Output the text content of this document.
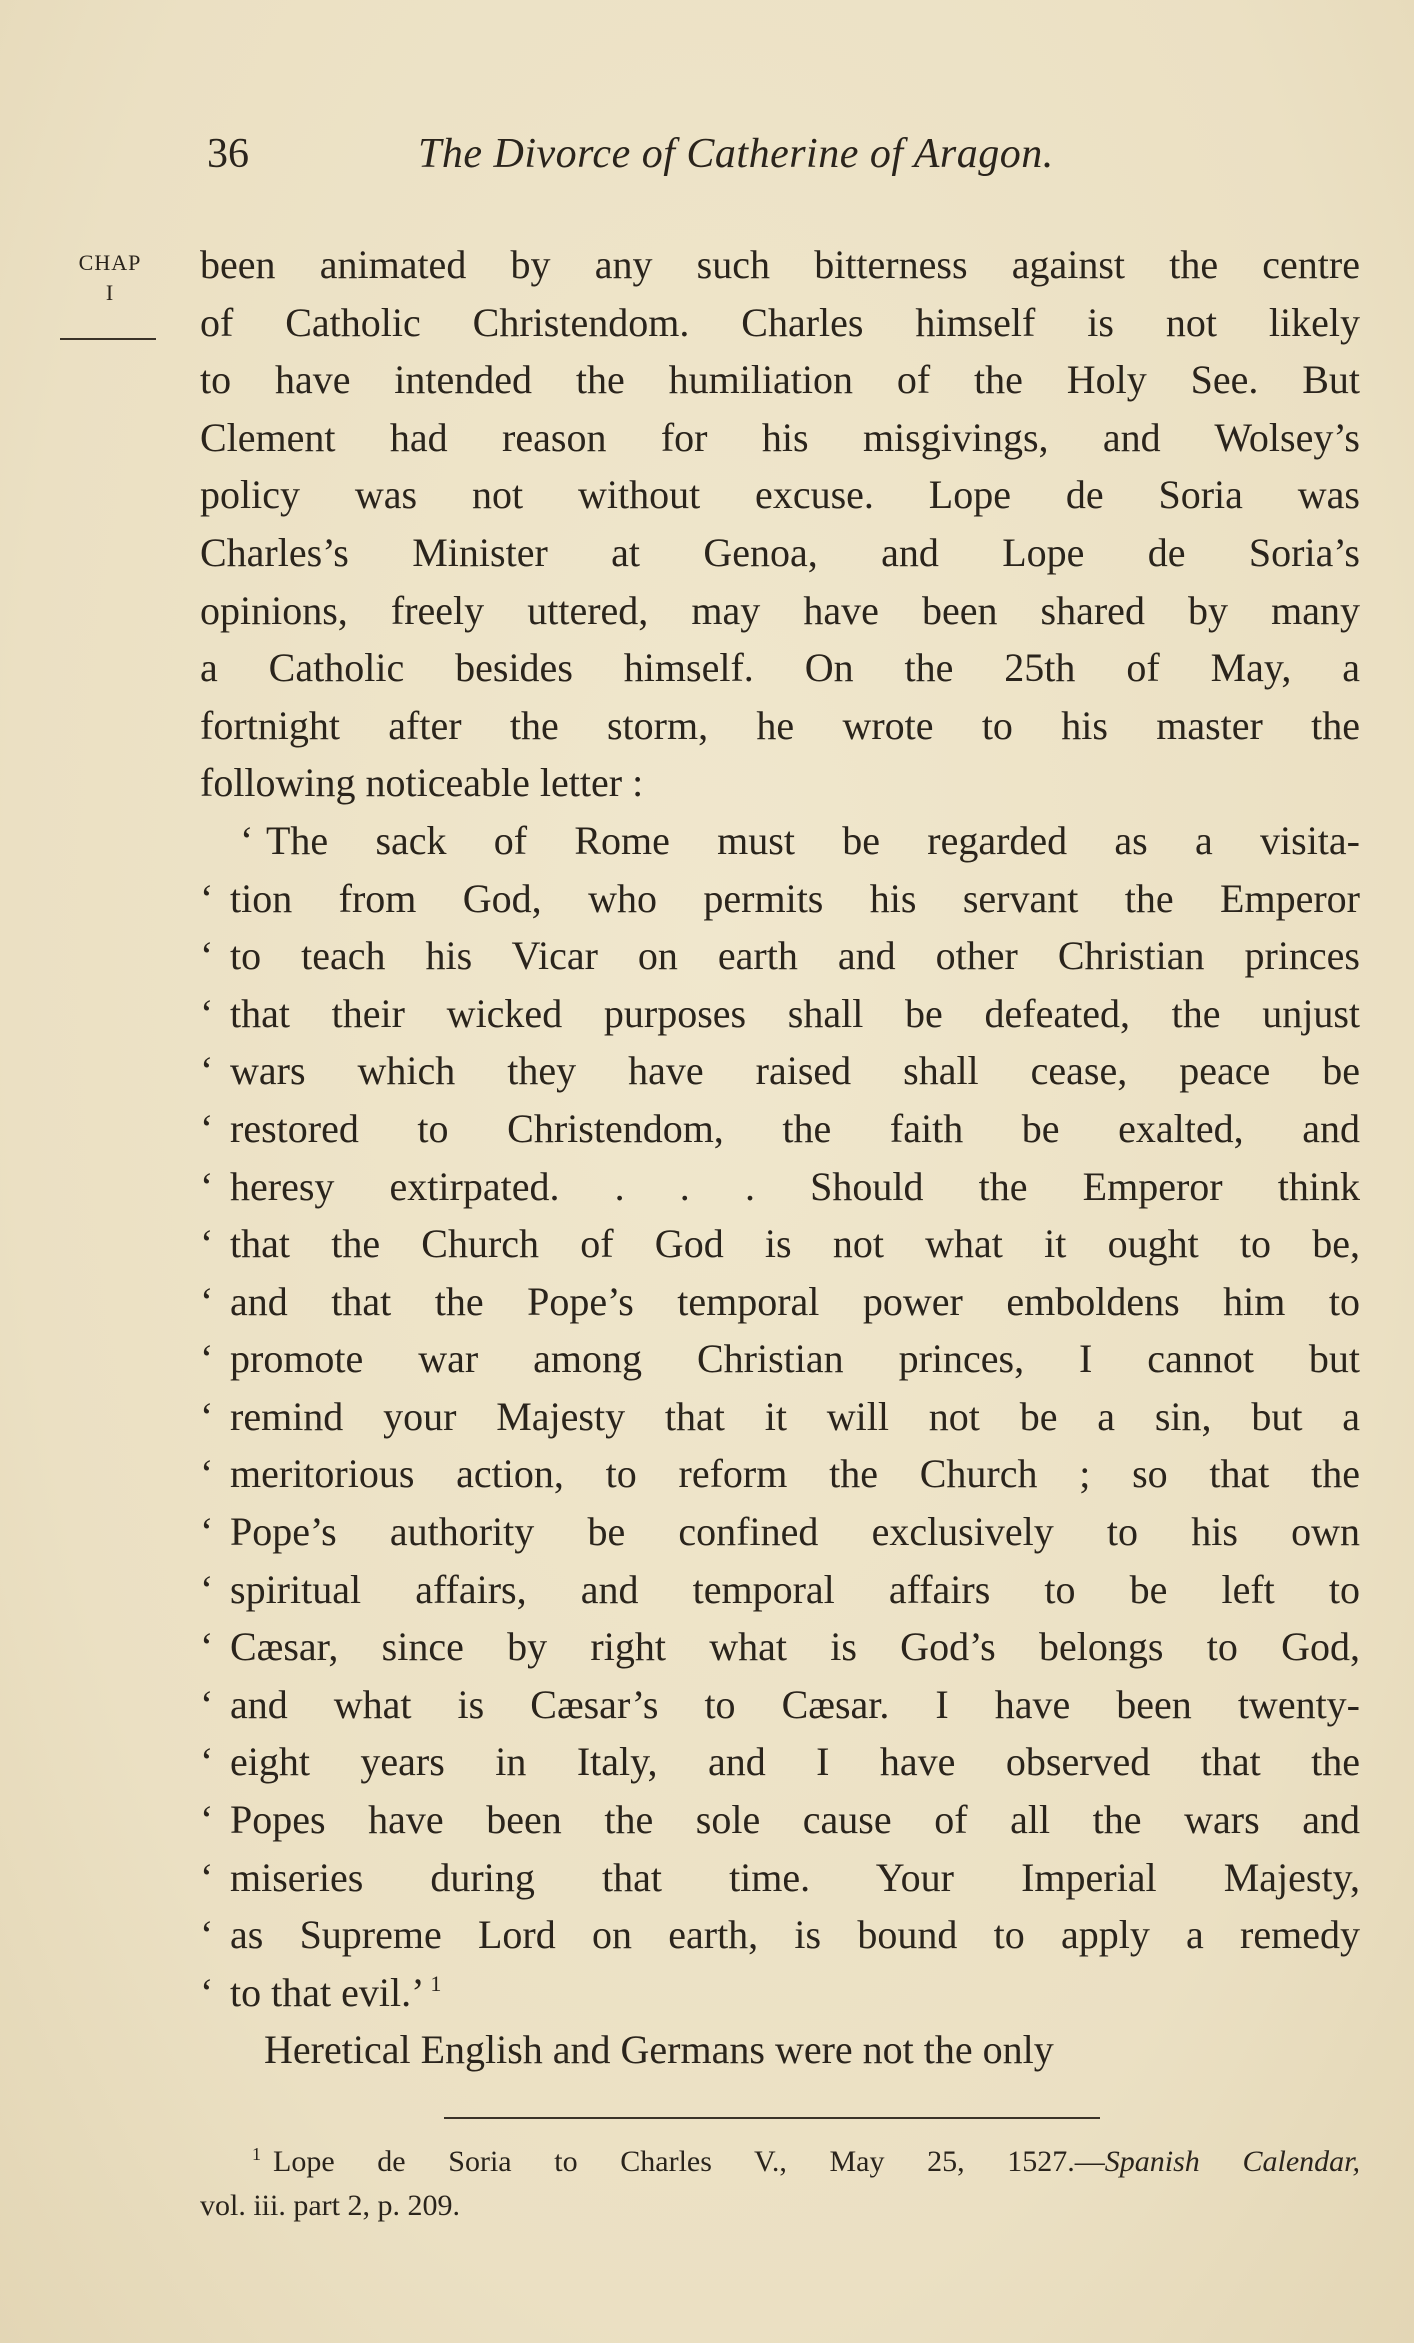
36	The Divorce of Catherine of Aragon.
CHAP
I
been animated by any such bitterness against the centre
of Catholic Christendom. Charles himself is not likely
to have intended the humiliation of the Holy See. But
Clement had reason for his misgivings, and Wolsey’s
policy was not without excuse. Lope de Soria was
Charles’s Minister at Genoa, and Lope de Soria’s
opinions, freely uttered, may have been shared by many
a Catholic besides himself. On the 25th of May, a
fortnight after the storm, he wrote to his master the
following noticeable letter :
‘ The sack of Rome must be regarded as a visita-
‘ tion from God, who permits his servant the Emperor
‘ to teach his Vicar on earth and other Christian princes
‘ that their wicked purposes shall be defeated, the unjust
‘ wars which they have raised shall cease, peace be
‘ restored to Christendom, the faith be exalted, and
‘ heresy extirpated. . . . Should the Emperor think
‘ that the Church of God is not what it ought to be,
‘ and that the Pope’s temporal power emboldens him to
‘ promote war among Christian princes, I cannot but
‘ remind your Majesty that it will not be a sin, but a
‘ meritorious action, to reform the Church ; so that the
‘ Pope’s authority be confined exclusively to his own
‘ spiritual affairs, and temporal affairs to be left to
‘ Cæsar, since by right what is God’s belongs to God,
‘ and what is Cæsar’s to Cæsar. I have been twenty-
‘ eight years in Italy, and I have observed that the
‘ Popes have been the sole cause of all the wars and
‘ miseries during that time. Your Imperial Majesty,
‘ as Supreme Lord on earth, is bound to apply a remedy
‘ to that evil.’ $^1$
Heretical English and Germans were not the only
$^1$ Lope de Soria to Charles V., May 25, 1527.—Spanish Calendar,
vol. iii. part 2, p. 209.
